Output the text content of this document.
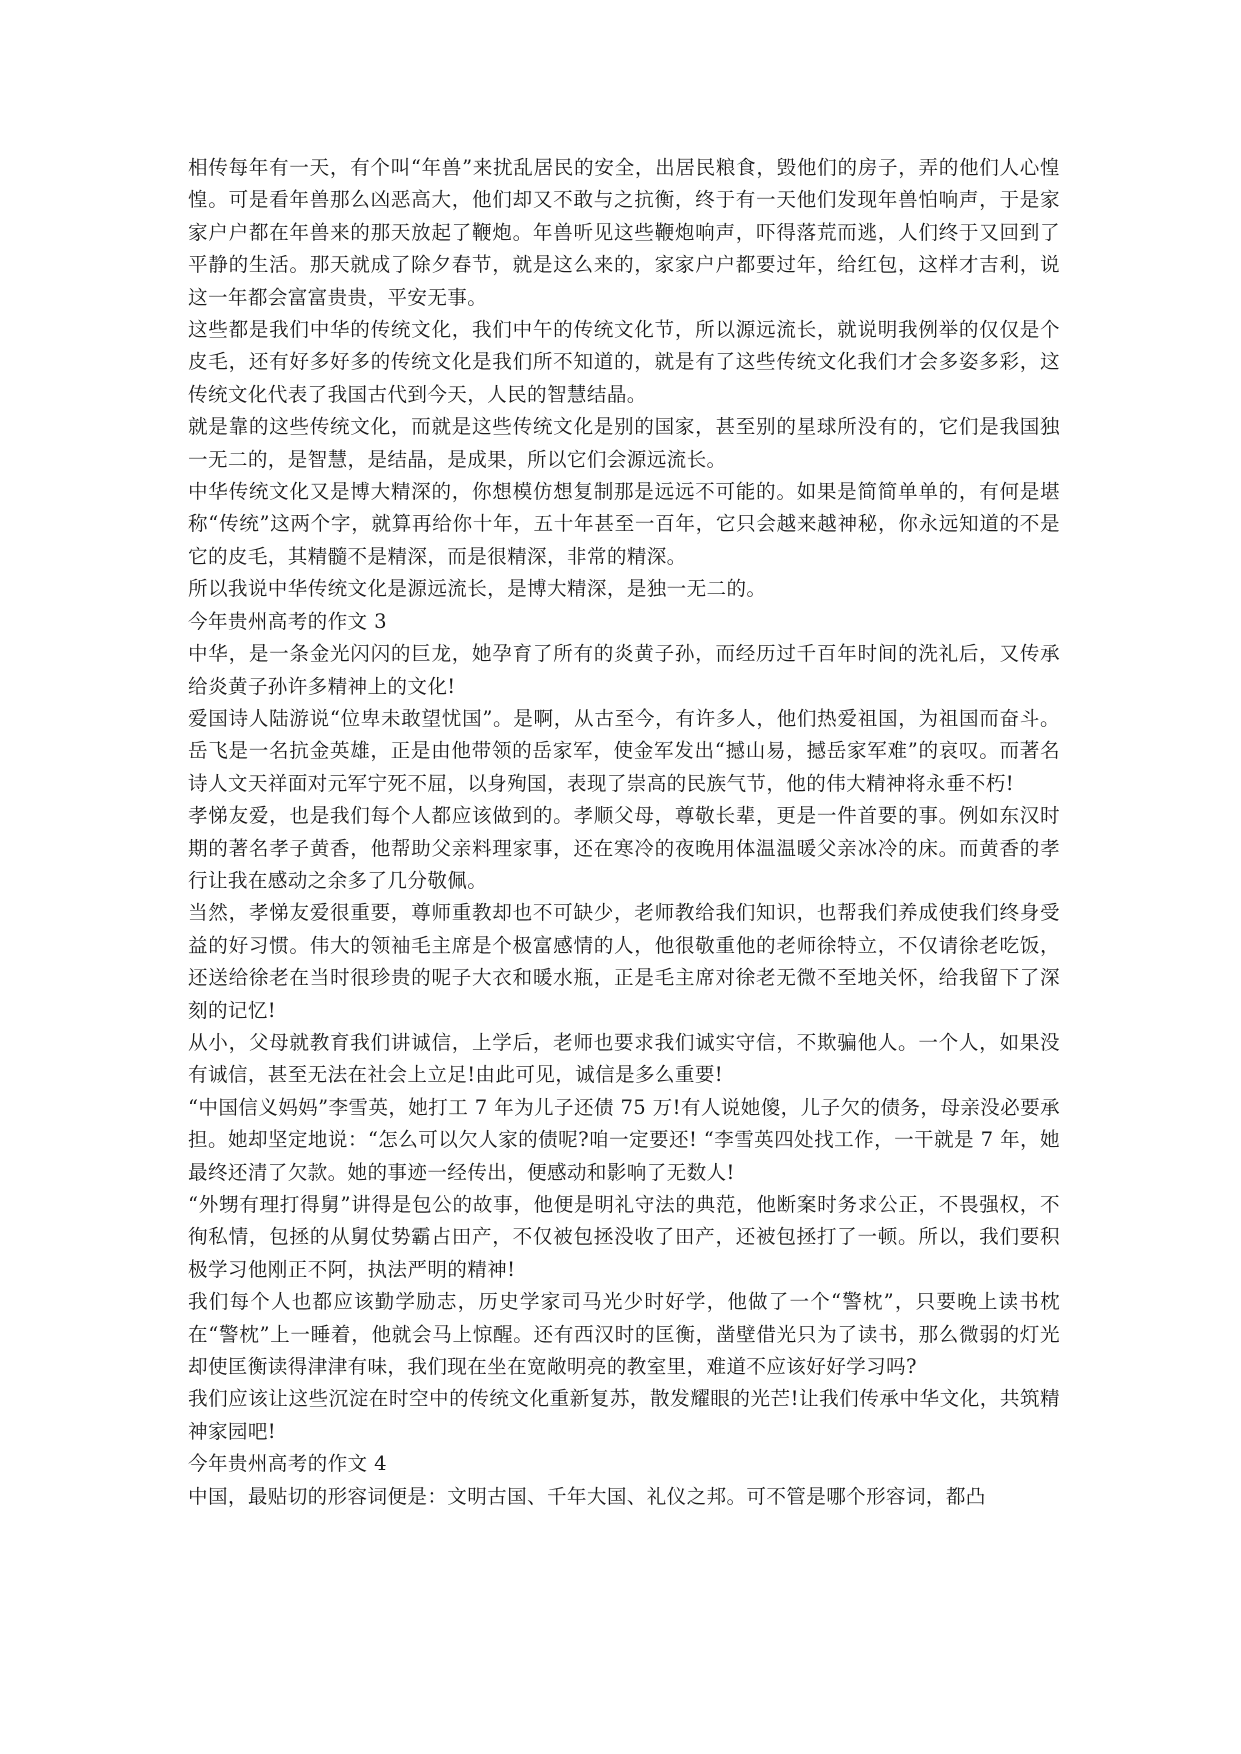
相传每年有一天，有个叫“年兽”来扰乱居民的安全，出居民粮食，毁他们的房子，弄的他们人心惶惶。可是看年兽那么凶恶高大，他们却又不敢与之抗衡，终于有一天他们发现年兽怕响声，于是家家户户都在年兽来的那天放起了鞭炮。年兽听见这些鞭炮响声，吓得落荒而逃，人们终于又回到了平静的生活。那天就成了除夕春节，就是这么来的，家家户户都要过年，给红包，这样才吉利，说这一年都会富富贵贵，平安无事。

这些都是我们中华的传统文化，我们中午的传统文化节，所以源远流长，就说明我例举的仅仅是个皮毛，还有好多好多的传统文化是我们所不知道的，就是有了这些传统文化我们才会多姿多彩，这传统文化代表了我国古代到今天，人民的智慧结晶。

就是靠的这些传统文化，而就是这些传统文化是别的国家，甚至别的星球所没有的，它们是我国独一无二的，是智慧，是结晶，是成果，所以它们会源远流长。

中华传统文化又是博大精深的，你想模仿想复制那是远远不可能的。如果是简简单单的，有何是堪称“传统”这两个字，就算再给你十年，五十年甚至一百年，它只会越来越神秘，你永远知道的不是它的皮毛，其精髓不是精深，而是很精深，非常的精深。

所以我说中华传统文化是源远流长，是博大精深，是独一无二的。

今年贵州高考的作文 3

中华，是一条金光闪闪的巨龙，她孕育了所有的炎黄子孙，而经历过千百年时间的洗礼后，又传承给炎黄子孙许多精神上的文化!

爱国诗人陆游说“位卑未敢望忧国”。是啊，从古至今，有许多人，他们热爱祖国，为祖国而奋斗。岳飞是一名抗金英雄，正是由他带领的岳家军，使金军发出“撼山易，撼岳家军难”的哀叹。而著名诗人文天祥面对元军宁死不屈，以身殉国，表现了崇高的民族气节，他的伟大精神将永垂不朽!

孝悌友爱，也是我们每个人都应该做到的。孝顺父母，尊敬长辈，更是一件首要的事。例如东汉时期的著名孝子黄香，他帮助父亲料理家事，还在寒冷的夜晚用体温温暖父亲冰冷的床。而黄香的孝行让我在感动之余多了几分敬佩。

当然，孝悌友爱很重要，尊师重教却也不可缺少，老师教给我们知识，也帮我们养成使我们终身受益的好习惯。伟大的领袖毛主席是个极富感情的人，他很敬重他的老师徐特立，不仅请徐老吃饭，还送给徐老在当时很珍贵的呢子大衣和暖水瓶，正是毛主席对徐老无微不至地关怀，给我留下了深刻的记忆!

从小，父母就教育我们讲诚信，上学后，老师也要求我们诚实守信，不欺骗他人。一个人，如果没有诚信，甚至无法在社会上立足!由此可见，诚信是多么重要!

“中国信义妈妈”李雪英，她打工 7 年为儿子还债 75 万!有人说她傻，儿子欠的债务，母亲没必要承担。她却坚定地说：“怎么可以欠人家的债呢?咱一定要还! “李雪英四处找工作，一干就是 7 年，她最终还清了欠款。她的事迹一经传出，便感动和影响了无数人!

“外甥有理打得舅”讲得是包公的故事，他便是明礼守法的典范，他断案时务求公正，不畏强权，不徇私情，包拯的从舅仗势霸占田产，不仅被包拯没收了田产，还被包拯打了一顿。所以，我们要积极学习他刚正不阿，执法严明的精神!

我们每个人也都应该勤学励志，历史学家司马光少时好学，他做了一个“警枕”，只要晚上读书枕在“警枕”上一睡着，他就会马上惊醒。还有西汉时的匡衡，凿壁借光只为了读书，那么微弱的灯光却使匡衡读得津津有味，我们现在坐在宽敞明亮的教室里，难道不应该好好学习吗?

我们应该让这些沉淀在时空中的传统文化重新复苏，散发耀眼的光芒!让我们传承中华文化，共筑精神家园吧!

今年贵州高考的作文 4

中国，最贴切的形容词便是：文明古国、千年大国、礼仪之邦。可不管是哪个形容词，都凸
